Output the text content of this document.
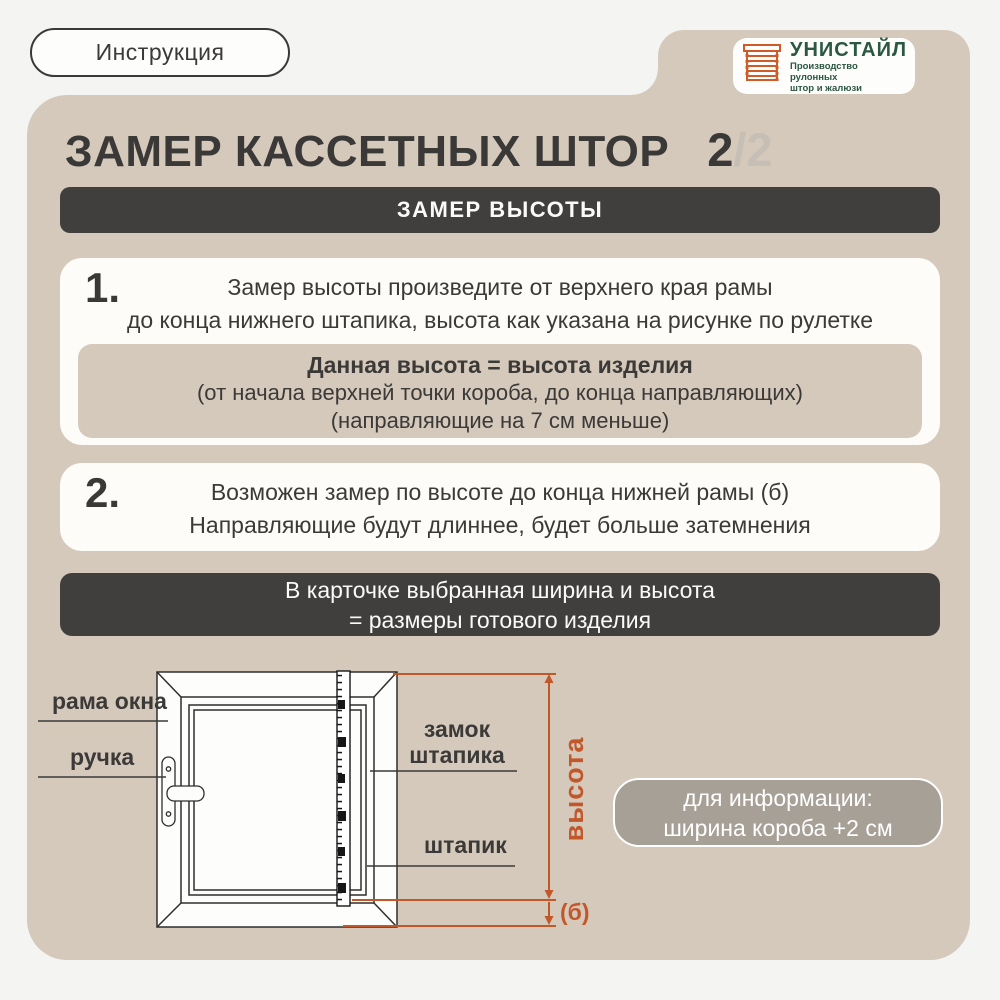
Инструкция	УНИСТАЙЛ
Производство рулонных
штор и жалюзи
ЗАМЕР КАССЕТНЫХ ШТОР 2 /2
ЗАМЕР ВЫСОТЫ
1.	Замер высоты произведите от верхнего края рамы
до конца нижнего штапика, высота как указана на рисунке по рулетке
Данная высота = высота изделия
(от начала верхней точки короба, до конца направляющих)
(направляющие на 7 см меньше)
2.	Возможен замер по высоте до конца нижней рамы (б)
Направляющие будут длиннее, будет больше затемнения
В карточке выбранная ширина и высота
= размеры готового изделия
рама окна
ручка
замок штапика
штапик
высота
(б)
для информации:
ширина короба +2 см
